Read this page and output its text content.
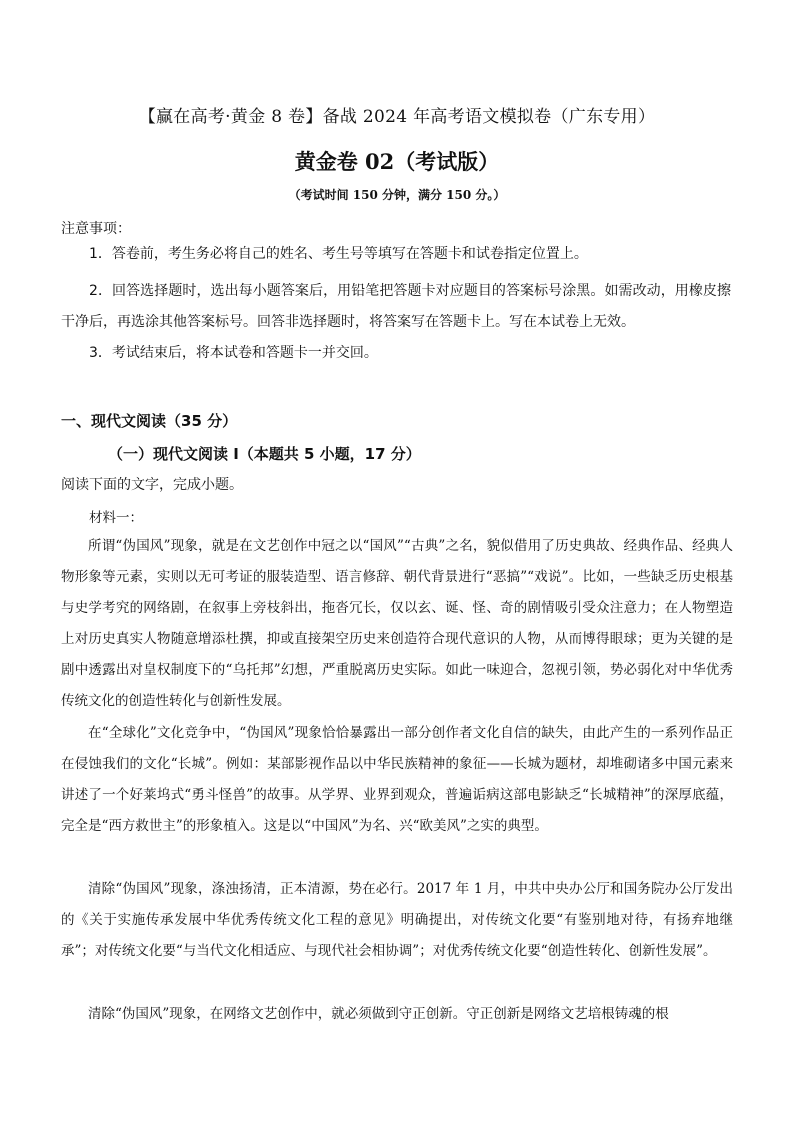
【赢在高考·黄金 8 卷】备战 2024 年高考语文模拟卷（广东专用）
黄金卷 02（考试版）
（考试时间 150 分钟，满分 150 分。）
注意事项：
1．答卷前，考生务必将自己的姓名、考生号等填写在答题卡和试卷指定位置上。
2．回答选择题时，选出每小题答案后，用铅笔把答题卡对应题目的答案标号涂黑。如需改动，用橡皮擦干净后，再选涂其他答案标号。回答非选择题时，将答案写在答题卡上。写在本试卷上无效。
3．考试结束后，将本试卷和答题卡一并交回。
一、现代文阅读（35 分）
（一）现代文阅读 I（本题共 5 小题，17 分）
阅读下面的文字，完成小题。
材料一：
所谓“伪国风”现象，就是在文艺创作中冠之以“国风”“古典”之名，貌似借用了历史典故、经典作品、经典人物形象等元素，实则以无可考证的服装造型、语言修辞、朝代背景进行“恶搞”“戏说”。比如，一些缺乏历史根基与史学考究的网络剧，在叙事上旁枝斜出，拖沓冗长，仅以玄、诞、怪、奇的剧情吸引受众注意力；在人物塑造上对历史真实人物随意增添杜撰，抑或直接架空历史来创造符合现代意识的人物，从而博得眼球；更为关键的是剧中透露出对皇权制度下的“乌托邦”幻想，严重脱离历史实际。如此一味迎合，忽视引领，势必弱化对中华优秀传统文化的创造性转化与创新性发展。
在“全球化”文化竞争中，“伪国风”现象恰恰暴露出一部分创作者文化自信的缺失，由此产生的一系列作品正在侵蚀我们的文化“长城”。例如：某部影视作品以中华民族精神的象征——长城为题材，却堆砌诸多中国元素来讲述了一个好莱坞式“勇斗怪兽”的故事。从学界、业界到观众，普遍诟病这部电影缺乏“长城精神”的深厚底蕴，完全是“西方救世主”的形象植入。这是以“中国风”为名、兴“欧美风”之实的典型。
清除“伪国风”现象，涤浊扬清，正本清源，势在必行。2017 年 1 月，中共中央办公厅和国务院办公厅发出的《关于实施传承发展中华优秀传统文化工程的意见》明确提出，对传统文化要“有鉴别地对待，有扬弃地继承”；对传统文化要“与当代文化相适应、与现代社会相协调”；对优秀传统文化要“创造性转化、创新性发展”。
清除“伪国风”现象，在网络文艺创作中，就必须做到守正创新。守正创新是网络文艺培根铸魂的根
